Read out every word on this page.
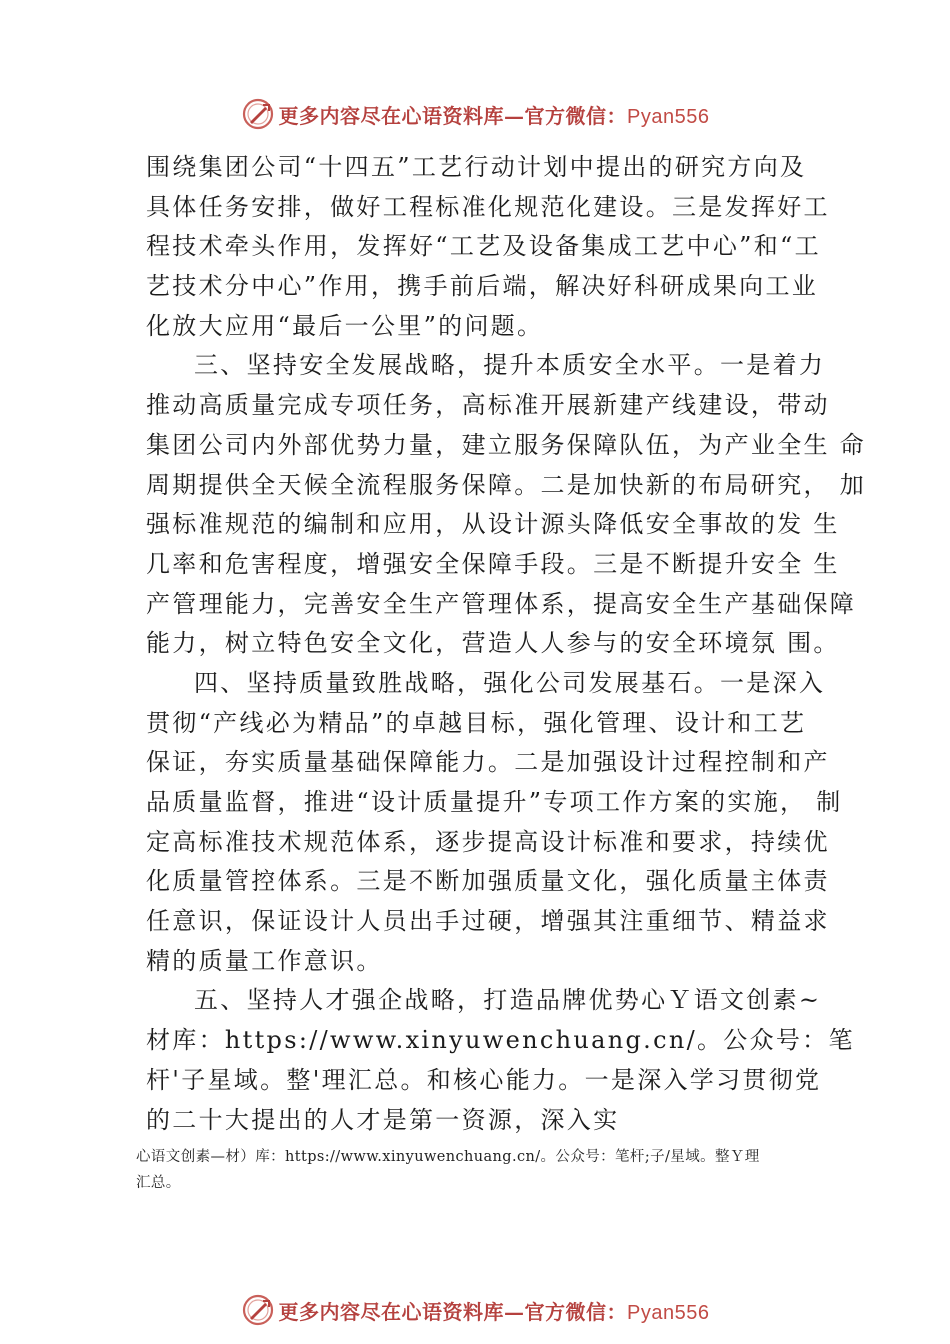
更多内容尽在心语资料库—官方微信：Pyan556
围绕集团公司“十四五”工艺行动计划中提出的研究方向及
具体任务安排，做好工程标准化规范化建设。三是发挥好工
程技术牵头作用，发挥好“工艺及设备集成工艺中心”和“工
艺技术分中心”作用，携手前后端，解决好科研成果向工业
化放大应用“最后一公里”的问题。
三、坚持安全发展战略，提升本质安全水平。一是着力
推动高质量完成专项任务，高标准开展新建产线建设，带动
集团公司内外部优势力量，建立服务保障队伍，为产业全生 命
周期提供全天候全流程服务保障。二是加快新的布局研究， 加
强标准规范的编制和应用，从设计源头降低安全事故的发 生
几率和危害程度，增强安全保障手段。三是不断提升安全 生
产管理能力，完善安全生产管理体系，提高安全生产基础保障
能力，树立特色安全文化，营造人人参与的安全环境氛 围。
四、坚持质量致胜战略，强化公司发展基石。一是深入
贯彻“产线必为精品”的卓越目标，强化管理、设计和工艺
保证，夯实质量基础保障能力。二是加强设计过程控制和产
品质量监督，推进“设计质量提升”专项工作方案的实施， 制
定高标准技术规范体系，逐步提高设计标准和要求，持续优
化质量管控体系。三是不断加强质量文化，强化质量主体责
任意识，保证设计人员出手过硬，增强其注重细节、精益求
精的质量工作意识。
五、坚持人才强企战略，打造品牌优势心Ｙ语文创素~
材库：https://www.xinyuwenchuang.cn/。公众号：笔
杆'子星域。整'理汇总。和核心能力。一是深入学习贯彻党
的二十大提出的人才是第一资源，深入实
心语文创素—材）库：https://www.xinyuwenchuang.cn/。公众号：笔杆;子/星域。整Ｙ理
汇总。
更多内容尽在心语资料库—官方微信：Pyan556
